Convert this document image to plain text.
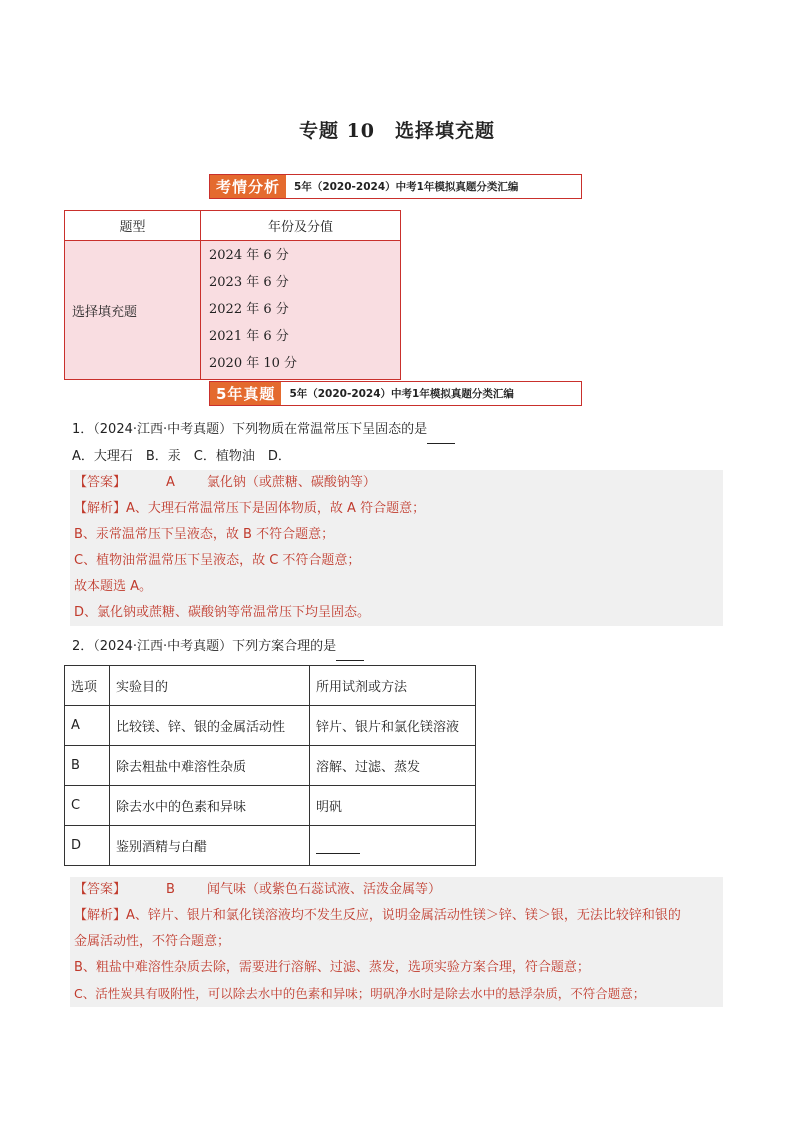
专题 10　选择填充题
考情分析	5年（2020-2024）中考1年模拟真题分类汇编
题型	年份及分值
选择填充题	2024 年 6 分
2023 年 6 分
2022 年 6 分
2021 年 6 分
2020 年 10 分
5年真题	5年（2020-2024）中考1年模拟真题分类汇编
1．（2024·江西·中考真题）下列物质在常温常压下呈固态的是
A．大理石　B．汞　C．植物油　D．
【答案】	A 氯化钠（或蔗糖、碳酸钠等）
【解析】A、大理石常温常压下是固体物质，故 A 符合题意；
B、汞常温常压下呈液态，故 B 不符合题意；
C、植物油常温常压下呈液态，故 C 不符合题意；
故本题选 A。
D、氯化钠或蔗糖、碳酸钠等常温常压下均呈固态。
2．（2024·江西·中考真题）下列方案合理的是
选项	实验目的	所用试剂或方法
A	比较镁、锌、银的金属活动性	锌片、银片和氯化镁溶液
B	除去粗盐中难溶性杂质	溶解、过滤、蒸发
C	除去水中的色素和异味	明矾
D	鉴别酒精与白醋	
【答案】	B 闻气味（或紫色石蕊试液、活泼金属等）
【解析】A、锌片、银片和氯化镁溶液均不发生反应，说明金属活动性镁＞锌、镁＞银，无法比较锌和银的
金属活动性，不符合题意；
B、粗盐中难溶性杂质去除，需要进行溶解、过滤、蒸发，选项实验方案合理，符合题意；
C、活性炭具有吸附性，可以除去水中的色素和异味；明矾净水时是除去水中的悬浮杂质，不符合题意；
